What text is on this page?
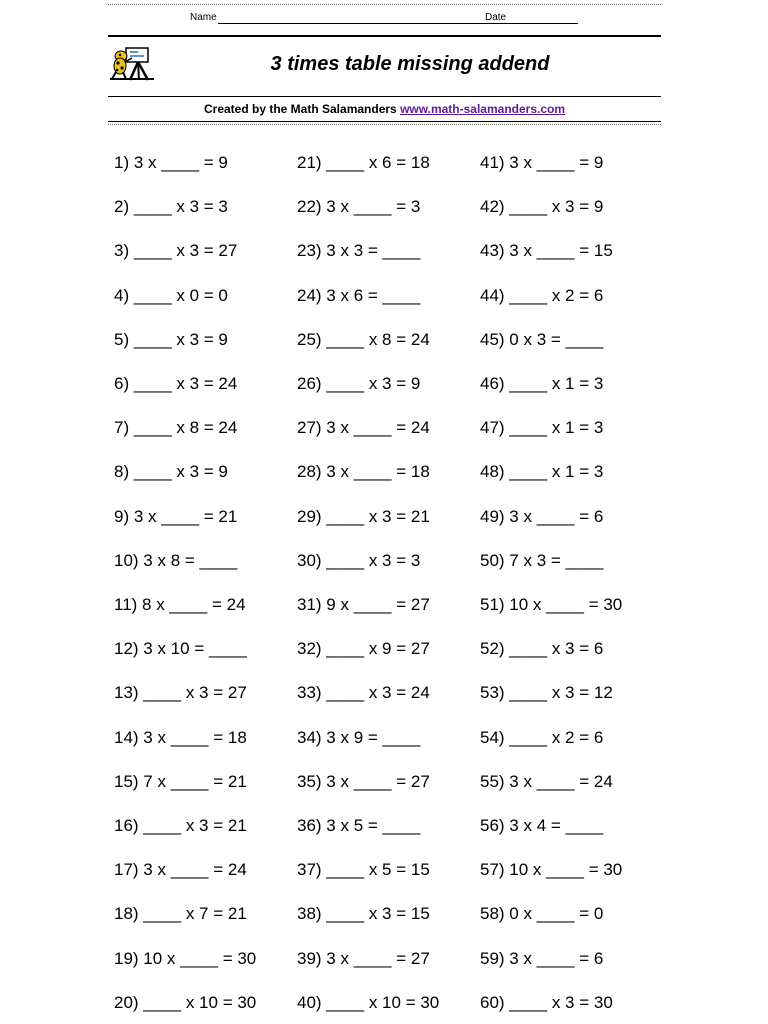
Name	Date
3 times table missing addend
Created by the Math Salamanders www.math-salamanders.com
1) 3 x ____ = 9
2) ____ x 3 = 3
3) ____ x 3 = 27
4) ____ x 0 = 0
5) ____ x 3 = 9
6) ____ x 3 = 24
7) ____ x 8 = 24
8) ____ x 3 = 9
9) 3 x ____ = 21
10) 3 x 8 = ____
11) 8 x ____ = 24
12) 3 x 10 = ____
13) ____ x 3 = 27
14) 3 x ____ = 18
15) 7 x ____ = 21
16) ____ x 3 = 21
17) 3 x ____ = 24
18) ____ x 7 = 21
19) 10 x ____ = 30
20) ____ x 10 = 30
21) ____ x 6 = 18
22) 3 x ____ = 3
23) 3 x 3 = ____
24) 3 x 6 = ____
25) ____ x 8 = 24
26) ____ x 3 = 9
27) 3 x ____ = 24
28) 3 x ____ = 18
29) ____ x 3 = 21
30) ____ x 3 = 3
31) 9 x ____ = 27
32) ____ x 9 = 27
33) ____ x 3 = 24
34) 3 x 9 = ____
35) 3 x ____ = 27
36) 3 x 5 = ____
37) ____ x 5 = 15
38) ____ x 3 = 15
39) 3 x ____ = 27
40) ____ x 10 = 30
41) 3 x ____ = 9
42) ____ x 3 = 9
43) 3 x ____ = 15
44) ____ x 2 = 6
45) 0 x 3 = ____
46) ____ x 1 = 3
47) ____ x 1 = 3
48) ____ x 1 = 3
49) 3 x ____ = 6
50) 7 x 3 = ____
51) 10 x ____ = 30
52) ____ x 3 = 6
53) ____ x 3 = 12
54) ____ x 2 = 6
55) 3 x ____ = 24
56) 3 x 4 = ____
57) 10 x ____ = 30
58) 0 x ____ = 0
59) 3 x ____ = 6
60) ____ x 3 = 30
